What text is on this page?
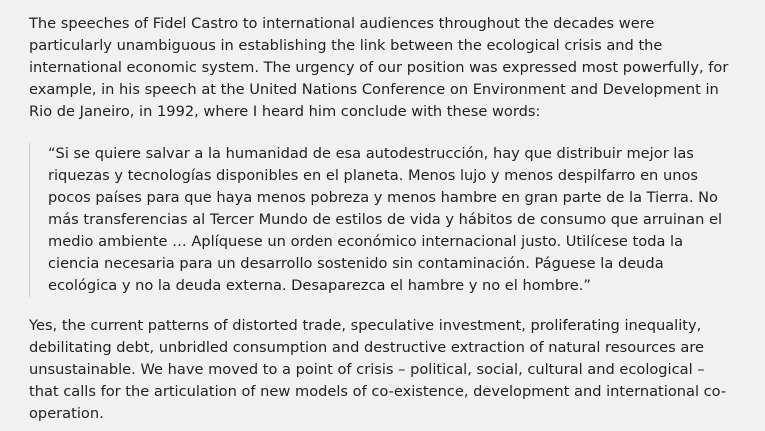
The speeches of Fidel Castro to international audiences throughout the decades were particularly unambiguous in establishing the link between the ecological crisis and the international economic system. The urgency of our position was expressed most powerfully, for example, in his speech at the United Nations Conference on Environment and Development in Rio de Janeiro, in 1992, where I heard him conclude with these words:

“Si se quiere salvar a la humanidad de esa autodestrucción, hay que distribuir mejor las riquezas y tecnologías disponibles en el planeta. Menos lujo y menos despilfarro en unos pocos países para que haya menos pobreza y menos hambre en gran parte de la Tierra. No más transferencias al Tercer Mundo de estilos de vida y hábitos de consumo que arruinan el medio ambiente … Aplíquese un orden económico internacional justo. Utilícese toda la ciencia necesaria para un desarrollo sostenido sin contaminación. Páguese la deuda ecológica y no la deuda externa. Desaparezca el hambre y no el hombre.”

Yes, the current patterns of distorted trade, speculative investment, proliferating inequality, debilitating debt, unbridled consumption and destructive extraction of natural resources are unsustainable. We have moved to a point of crisis – political, social, cultural and ecological – that calls for the articulation of new models of co-existence, development and international co-operation.
